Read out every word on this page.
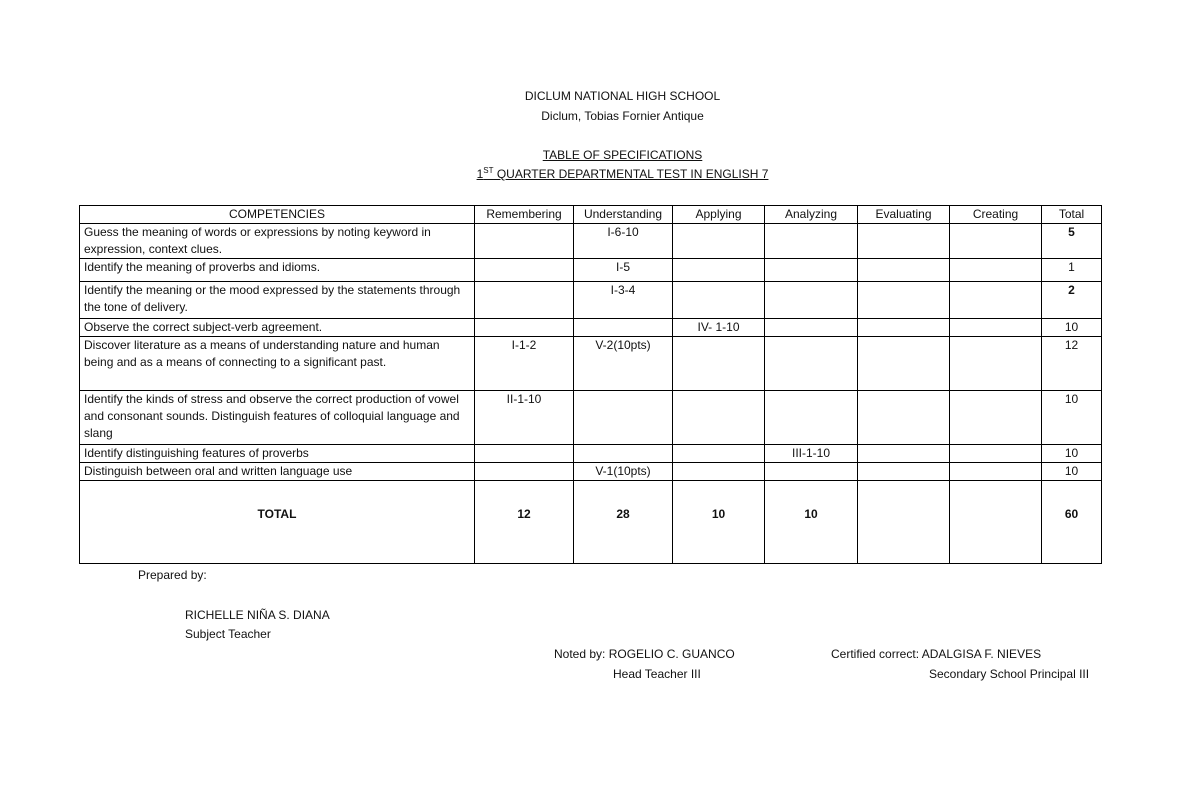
DICLUM NATIONAL HIGH SCHOOL
Diclum, Tobias Fornier Antique
TABLE OF SPECIFICATIONS
1ST QUARTER DEPARTMENTAL TEST IN ENGLISH 7
COMPETENCIES	Remembering	Understanding	Applying	Analyzing	Evaluating	Creating	Total
Guess the meaning of words or expressions by noting keyword in expression, context clues.		I-6-10					5
Identify the meaning of proverbs and idioms.		I-5					1
Identify the meaning or the mood expressed by the statements through the tone of delivery.		I-3-4					2
Observe the correct subject-verb agreement.			IV- 1-10				10
Discover literature as a means of understanding nature and human being and as a means of connecting to a significant past.	I-1-2	V-2(10pts)					12
Identify the kinds of stress and observe the correct production of vowel and consonant sounds. Distinguish features of colloquial language and slang	II-1-10						10
Identify distinguishing features of proverbs				III-1-10			10
Distinguish between oral and written language use		V-1(10pts)					10
TOTAL	12	28	10	10			60
Prepared by:
RICHELLE NIÑA S. DIANA
Subject Teacher
Noted by: ROGELIO C. GUANCO
Head Teacher III
Certified correct: ADALGISA F. NIEVES
Secondary School Principal III
